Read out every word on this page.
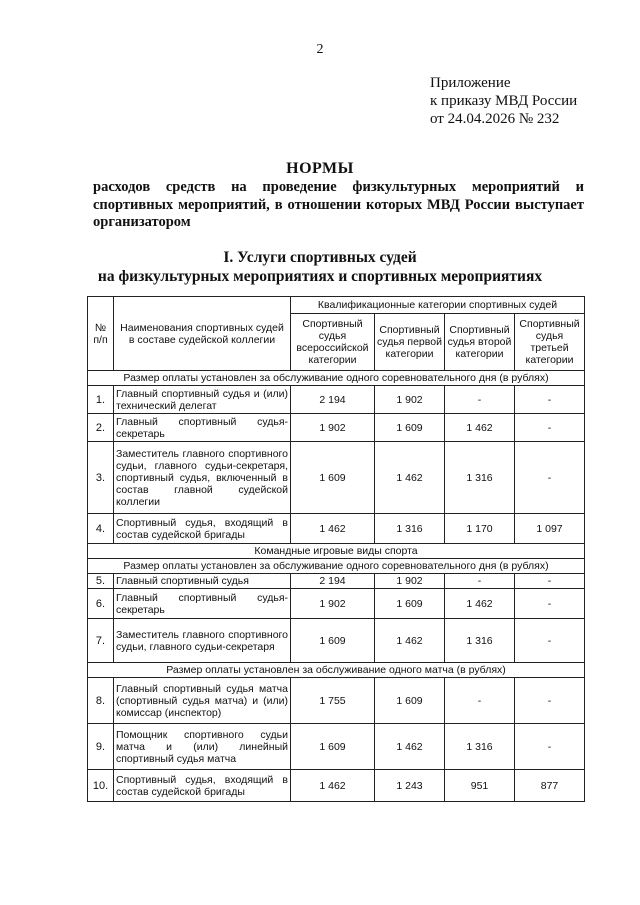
2
Приложение
к приказу МВД России
от 24.04.2026 № 232
НОРМЫ
расходов средств на проведение физкультурных мероприятий и спортивных мероприятий, в отношении которых МВД России выступает организатором
I. Услуги спортивных судей
на физкультурных мероприятиях и спортивных мероприятиях
№ п/п	Наименования спортивных судей в составе судейской коллегии	Квалификационные категории спортивных судей			
		Спортивный судья всероссийской категории	Спортивный судья первой категории	Спортивный судья второй категории	Спортивный судья третьей категории
Размер оплаты установлен за обслуживание одного соревновательного дня (в рублях)					
1.	Главный спортивный судья и (или) технический делегат	2 194	1 902	-	-
2.	Главный спортивный судья-секретарь	1 902	1 609	1 462	-
3.	Заместитель главного спортивного судьи, главного судьи-секретаря, спортивный судья, включенный в состав главной судейской коллегии	1 609	1 462	1 316	-
4.	Спортивный судья, входящий в состав судейской бригады	1 462	1 316	1 170	1 097
Командные игровые виды спорта					
Размер оплаты установлен за обслуживание одного соревновательного дня (в рублях)					
5.	Главный спортивный судья	2 194	1 902	-	-
6.	Главный спортивный судья-секретарь	1 902	1 609	1 462	-
7.	Заместитель главного спортивного судьи, главного судьи-секретаря	1 609	1 462	1 316	-
Размер оплаты установлен за обслуживание одного матча (в рублях)					
8.	Главный спортивный судья матча (спортивный судья матча) и (или) комиссар (инспектор)	1 755	1 609	-	-
9.	Помощник спортивного судьи матча и (или) линейный спортивный судья матча	1 609	1 462	1 316	-
10.	Спортивный судья, входящий в состав судейской бригады	1 462	1 243	951	877
